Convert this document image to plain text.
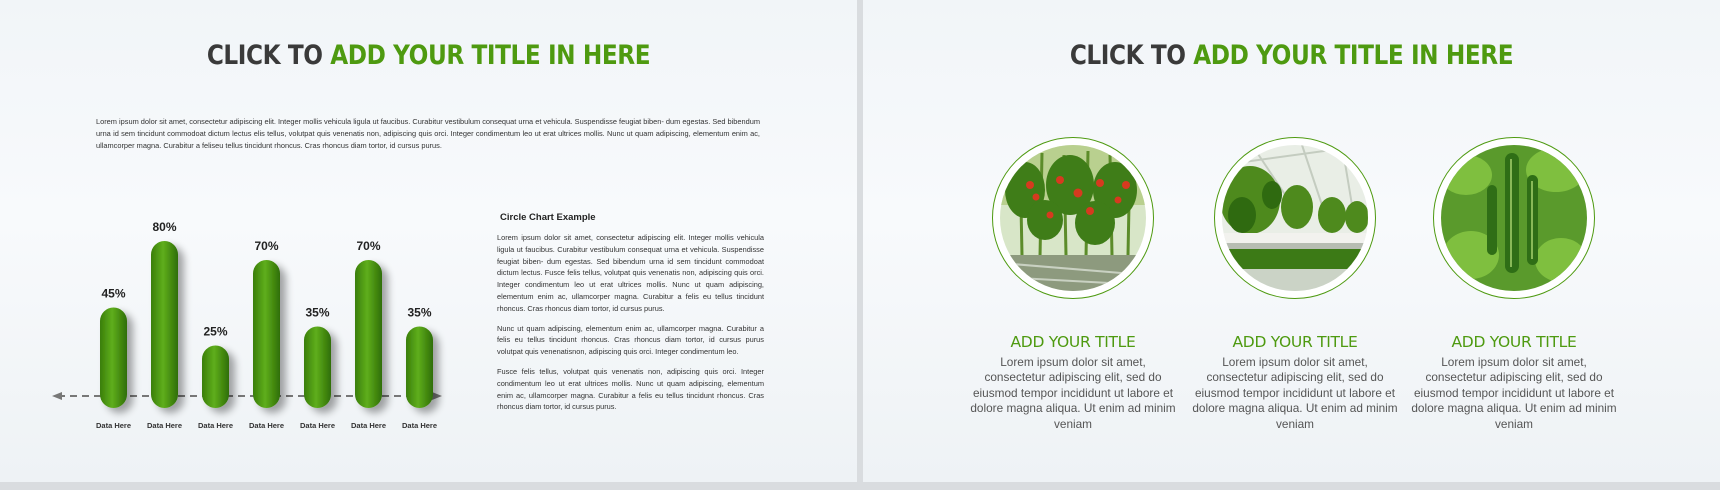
CLICK TO ADD YOUR TITLE IN HERE
Lorem ipsum dolor sit amet, consectetur adipiscing elit. Integer mollis vehicula ligula ut faucibus. Curabitur vestibulum consequat urna et vehicula. Suspendisse feugiat biben- dum egestas. Sed bibendum urna id sem tincidunt commodoat dictum lectus elis tellus, volutpat quis venenatis non, adipiscing quis orci. Integer condimentum leo ut erat ultrices mollis. Nunc ut quam adipiscing, elementum enim ac, ullamcorper magna. Curabitur a feliseu tellus tincidunt rhoncus. Cras rhoncus diam tortor, id cursus purus.
45%
Data Here
80%
Data Here
25%
Data Here
70%
Data Here
35%
Data Here
70%
Data Here
35%
Data Here
Circle Chart Example

Lorem ipsum dolor sit amet, consectetur adipiscing elit. Integer mollis vehicula ligula ut faucibus. Curabitur vestibulum consequat urna et vehicula. Suspendisse feugiat biben- dum egestas. Sed bibendum urna id sem tincidunt commodoat dictum lectus. Fusce felis tellus, volutpat quis venenatis non, adipiscing quis orci. Integer condimentum leo ut erat ultrices mollis. Nunc ut quam adipiscing, elementum enim ac, ullamcorper magna. Curabitur a felis eu tellus tincidunt rhoncus. Cras rhoncus diam tortor, id cursus purus.

Nunc ut quam adipiscing, elementum enim ac, ullamcorper magna. Curabitur a felis eu tellus tincidunt rhoncus. Cras rhoncus diam tortor, id cursus purus volutpat quis venenatisnon, adipiscing quis orci. Integer condimentum leo.

Fusce felis tellus, volutpat quis venenatis non, adipiscing quis orci. Integer condimentum leo ut erat ultrices mollis. Nunc ut quam adipiscing, elementum enim ac, ullamcorper magna. Curabitur a felis eu tellus tincidunt rhoncus. Cras rhoncus diam tortor, id cursus purus.

CLICK TO ADD YOUR TITLE IN HERE
ADD YOUR TITLE
Lorem ipsum dolor sit amet, consectetur adipiscing elit, sed do eiusmod tempor incididunt ut labore et dolore magna aliqua. Ut enim ad minim veniam
ADD YOUR TITLE
Lorem ipsum dolor sit amet, consectetur adipiscing elit, sed do eiusmod tempor incididunt ut labore et dolore magna aliqua. Ut enim ad minim veniam
ADD YOUR TITLE
Lorem ipsum dolor sit amet, consectetur adipiscing elit, sed do eiusmod tempor incididunt ut labore et dolore magna aliqua. Ut enim ad minim veniam
